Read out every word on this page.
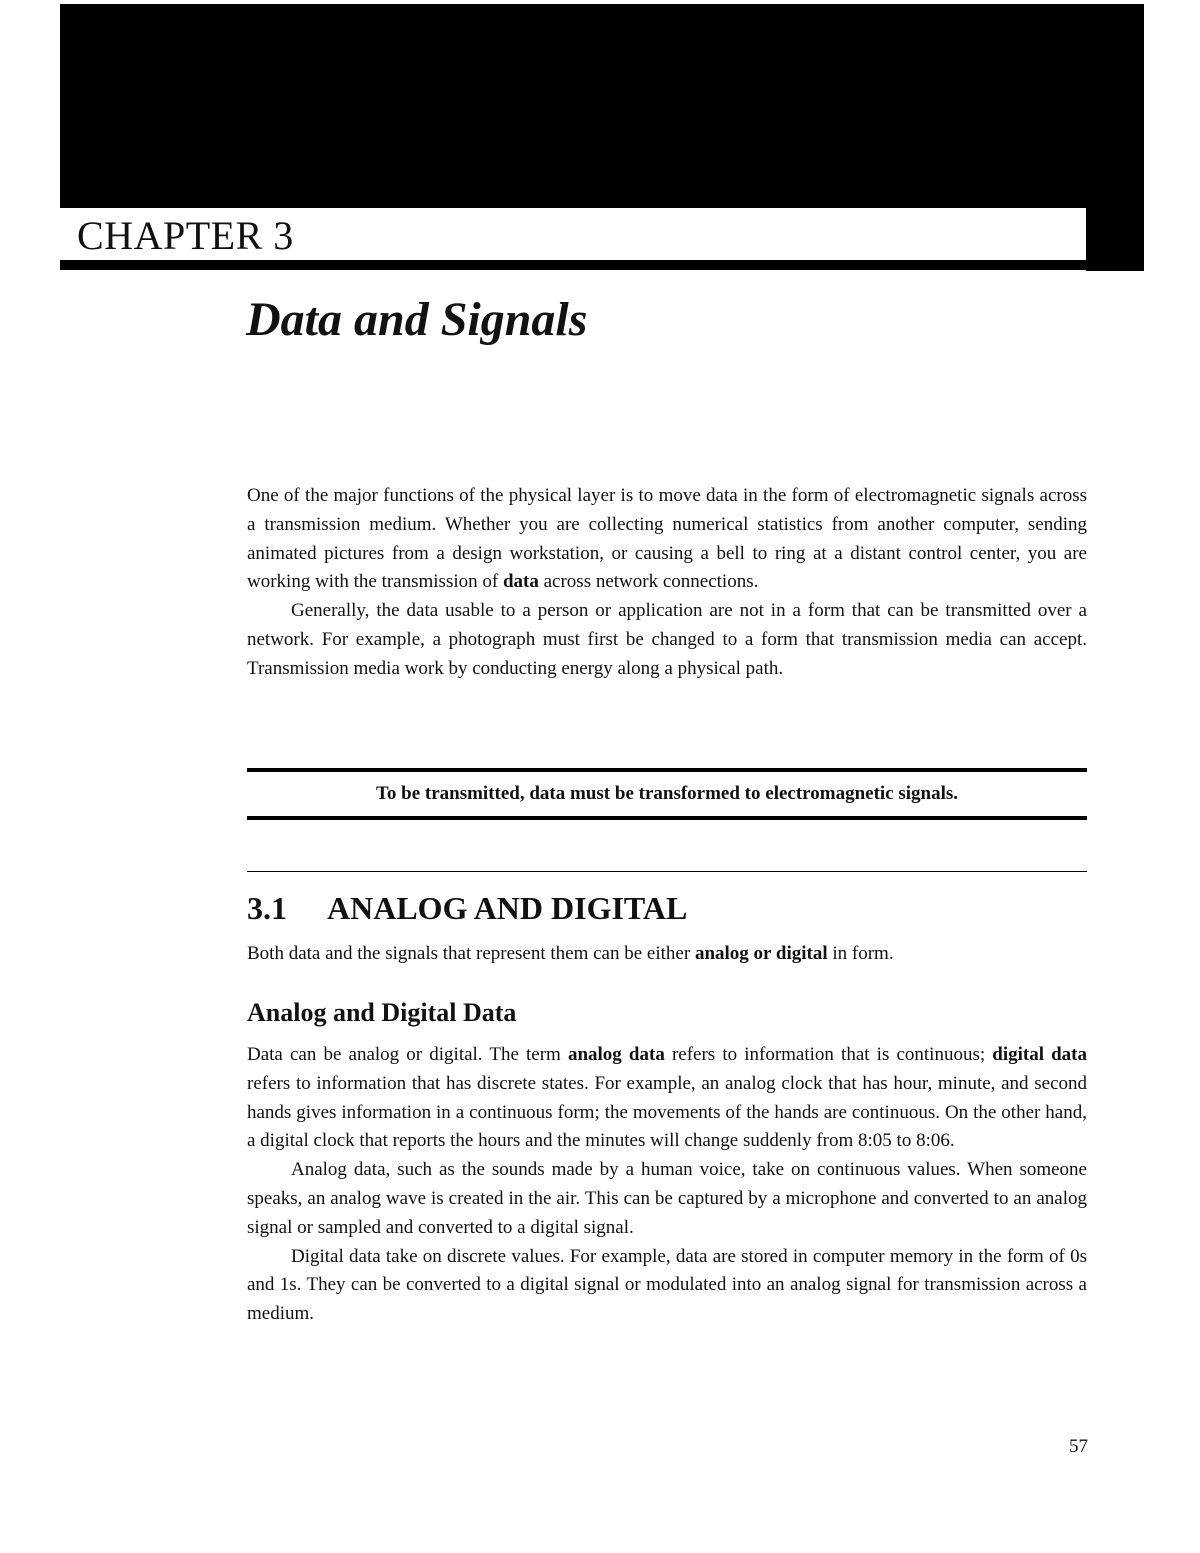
CHAPTER 3
Data and Signals

One of the major functions of the physical layer is to move data in the form of electromagnetic signals across a transmission medium. Whether you are collecting numerical statistics from another computer, sending animated pictures from a design workstation, or causing a bell to ring at a distant control center, you are working with the transmission of data across network connections.

Generally, the data usable to a person or application are not in a form that can be transmitted over a network. For example, a photograph must first be changed to a form that transmission media can accept. Transmission media work by conducting energy along a physical path.

To be transmitted, data must be transformed to electromagnetic signals.
3.1 ANALOG AND DIGITAL

Both data and the signals that represent them can be either analog or digital in form.

Analog and Digital Data

Data can be analog or digital. The term analog data refers to information that is continuous; digital data refers to information that has discrete states. For example, an analog clock that has hour, minute, and second hands gives information in a continuous form; the movements of the hands are continuous. On the other hand, a digital clock that reports the hours and the minutes will change suddenly from 8:05 to 8:06.

Analog data, such as the sounds made by a human voice, take on continuous values. When someone speaks, an analog wave is created in the air. This can be captured by a microphone and converted to an analog signal or sampled and converted to a digital signal.

Digital data take on discrete values. For example, data are stored in computer memory in the form of 0s and 1s. They can be converted to a digital signal or modulated into an analog signal for transmission across a medium.

57
